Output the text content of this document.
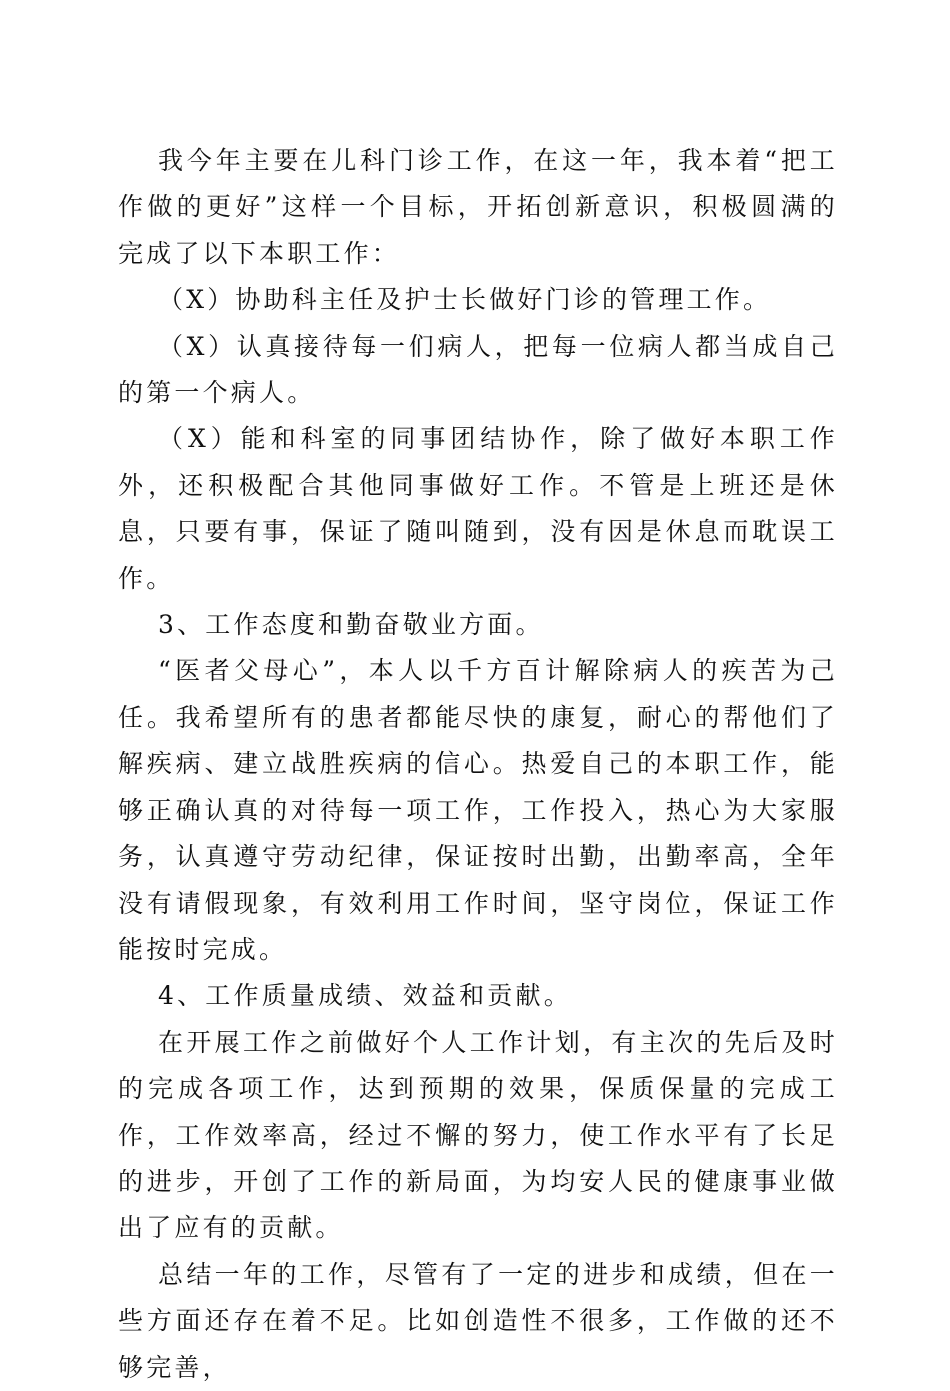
我今年主要在儿科门诊工作，在这一年，我本着“把工作做的更好”这样一个目标，开拓创新意识，积极圆满的完成了以下本职工作：

（X）协助科主任及护士长做好门诊的管理工作。

（X）认真接待每一们病人，把每一位病人都当成自己的第一个病人。

（X）能和科室的同事团结协作，除了做好本职工作外，还积极配合其他同事做好工作。不管是上班还是休息，只要有事，保证了随叫随到，没有因是休息而耽误工作。

3、工作态度和勤奋敬业方面。

“医者父母心”，本人以千方百计解除病人的疾苦为己任。我希望所有的患者都能尽快的康复，耐心的帮他们了解疾病、建立战胜疾病的信心。热爱自己的本职工作，能够正确认真的对待每一项工作，工作投入，热心为大家服务，认真遵守劳动纪律，保证按时出勤，出勤率高，全年没有请假现象，有效利用工作时间，坚守岗位，保证工作能按时完成。

4、工作质量成绩、效益和贡献。

在开展工作之前做好个人工作计划，有主次的先后及时的完成各项工作，达到预期的效果，保质保量的完成工作，工作效率高，经过不懈的努力，使工作水平有了长足的进步，开创了工作的新局面，为均安人民的健康事业做出了应有的贡献。

总结一年的工作，尽管有了一定的进步和成绩，但在一些方面还存在着不足。比如创造性不很多，工作做的还不够完善，
